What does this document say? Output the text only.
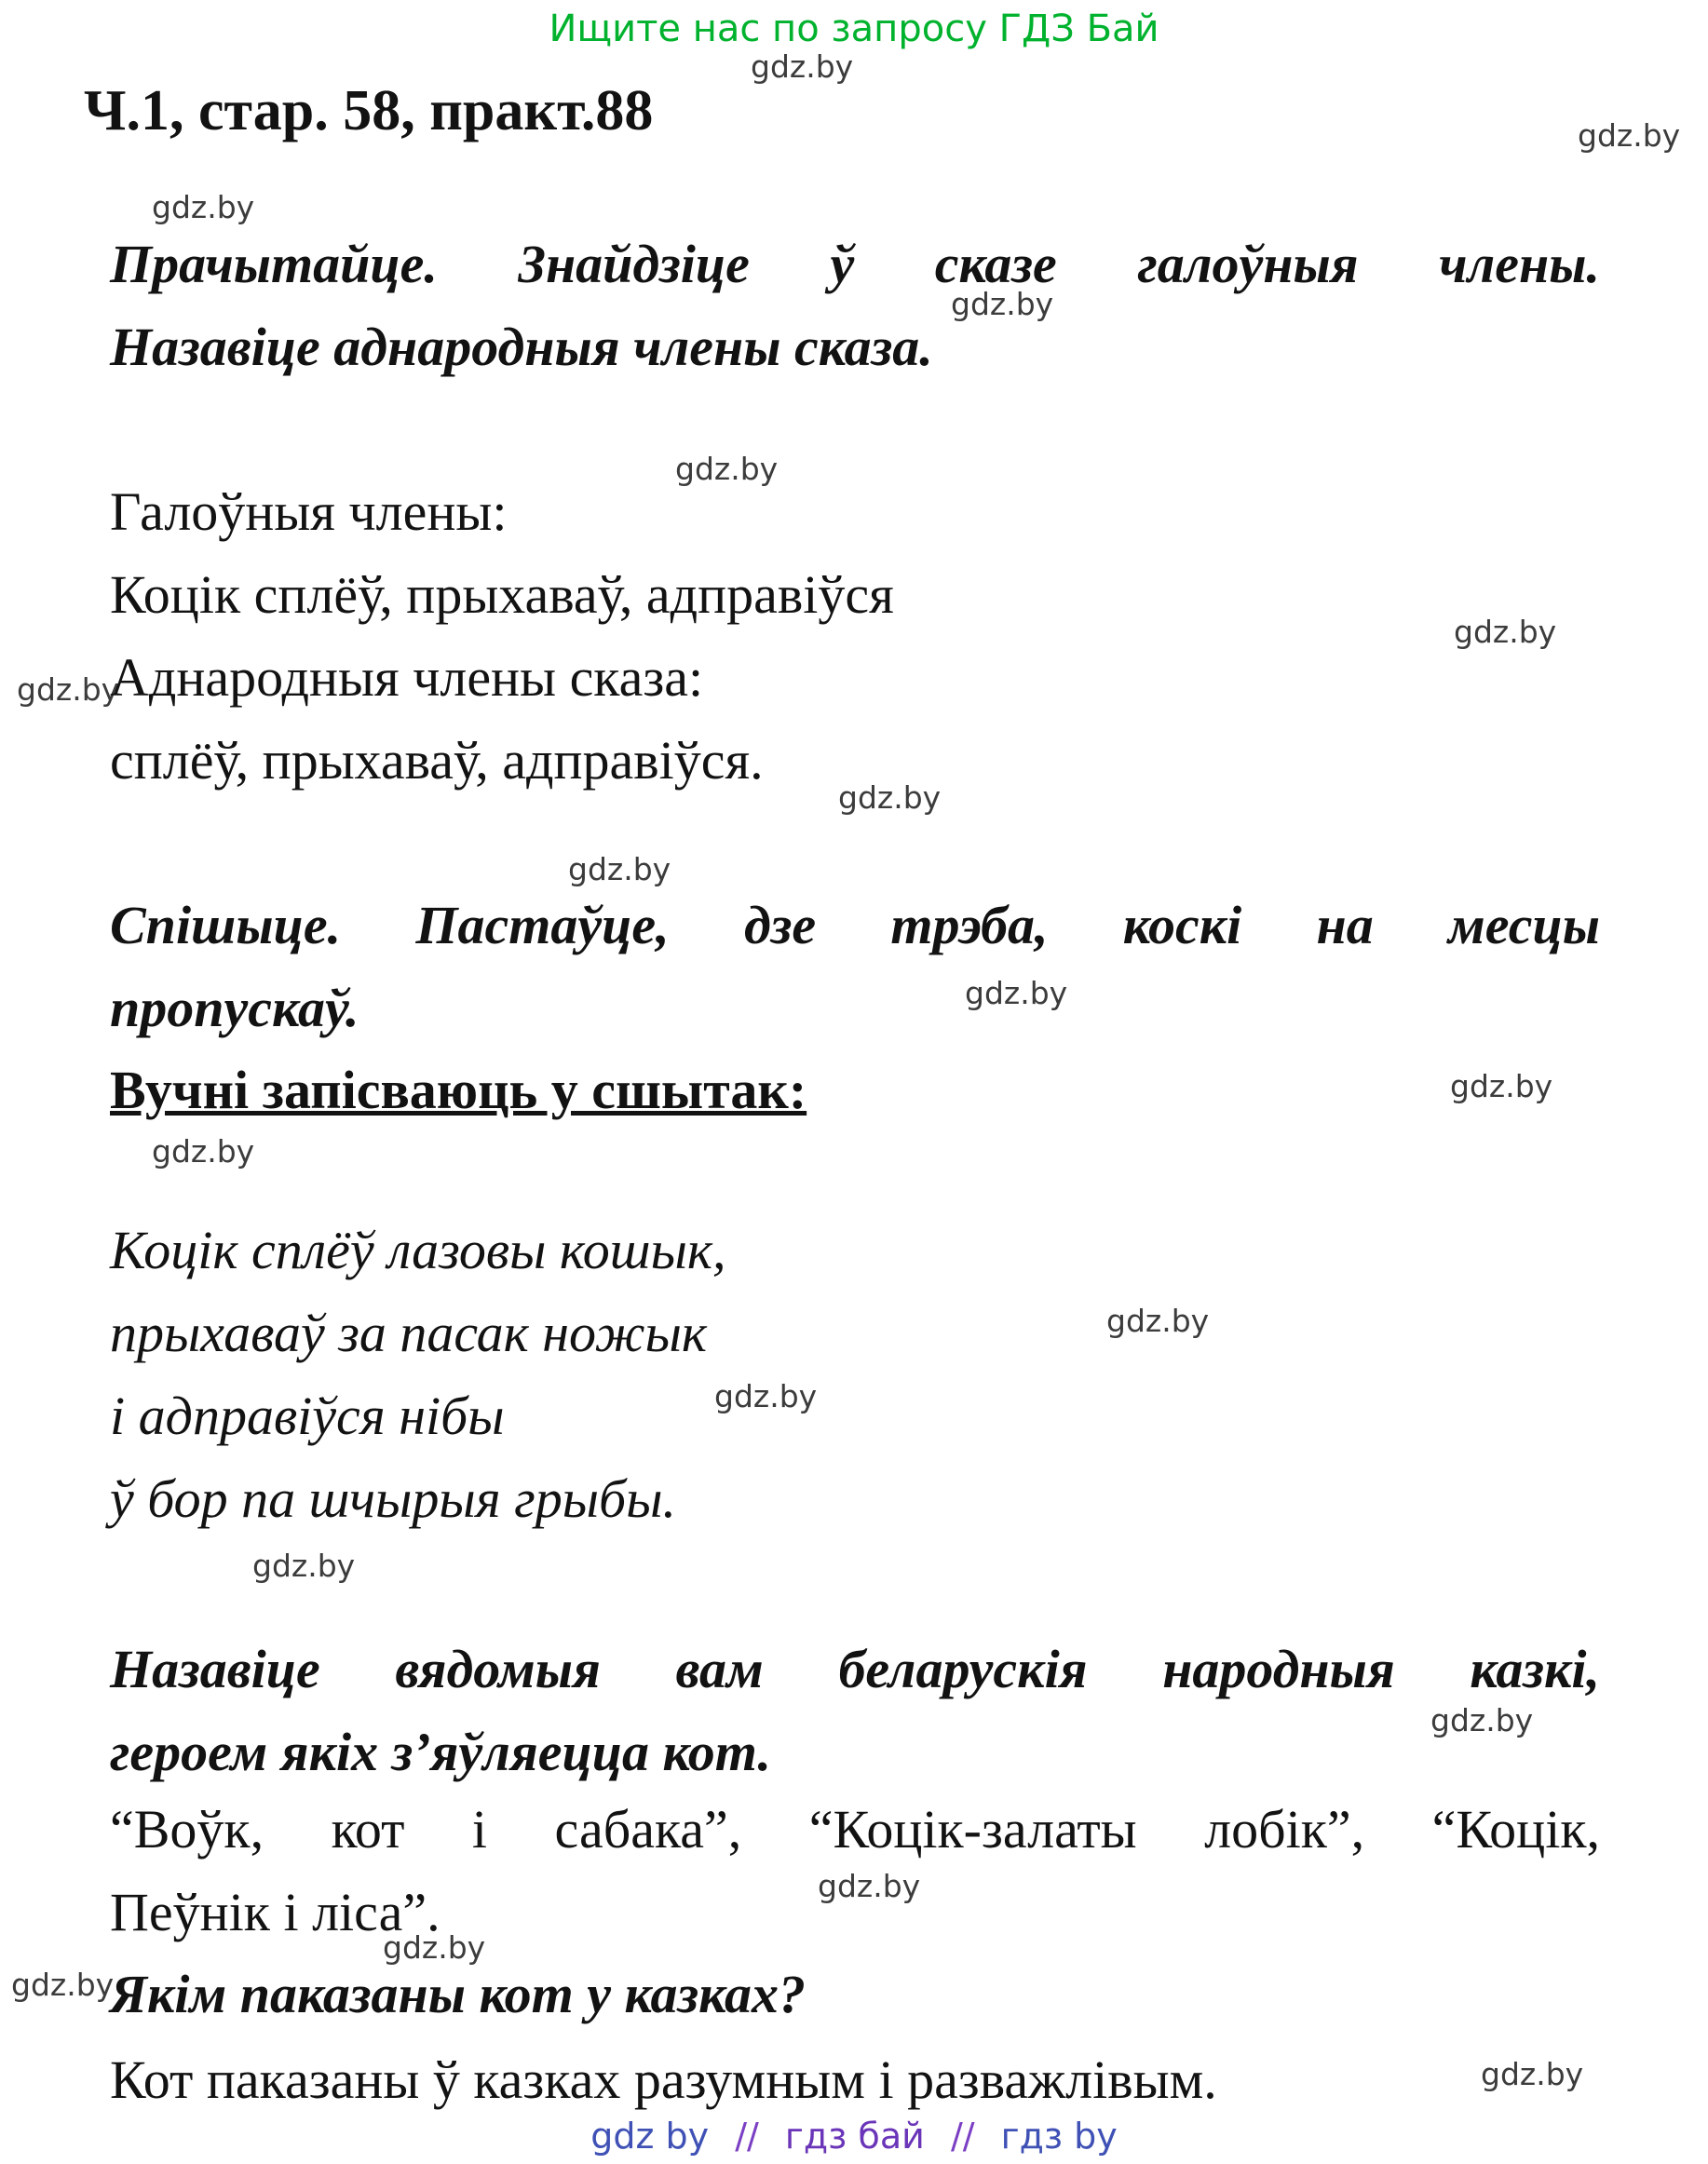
Ищите нас по запросу ГДЗ Бай
gdz.by
gdz.by
gdz.by
gdz.by
gdz.by
gdz.by
gdz.by
gdz.by
gdz.by
gdz.by
gdz.by
gdz.by
gdz.by
gdz.by
gdz.by
gdz.by
gdz.by
gdz.by
gdz.by
gdz.by
Ч.1, стар. 58, практ.88
Прачытайце. Знайдзіце ў сказе галоўныя члены.
Назавіце аднародныя члены сказа.
Галоўныя члены:
Коцік сплёў, прыхаваў, адправіўся
Аднародныя члены сказа:
сплёў, прыхаваў, адправіўся.
Спішыце. Пастаўце, дзе трэба, коскі на месцы
пропускаў.
Вучні запісваюць у сшытак:
Коцік сплёў лазовы кошык,
прыхаваў за пасак ножык
і адправіўся нібы
ў бор па шчырыя грыбы.
Назавіце вядомыя вам беларускія народныя казкі,
героем якіх з’яўляецца кот.
“Воўк, кот і сабака”, “Коцік-залаты лобік”, “Коцік,
Пеўнік і ліса”.
Якім паказаны кот у казках?
Кот паказаны ў казках разумным і разважлівым.
gdz by // гдз бай // гдз by
